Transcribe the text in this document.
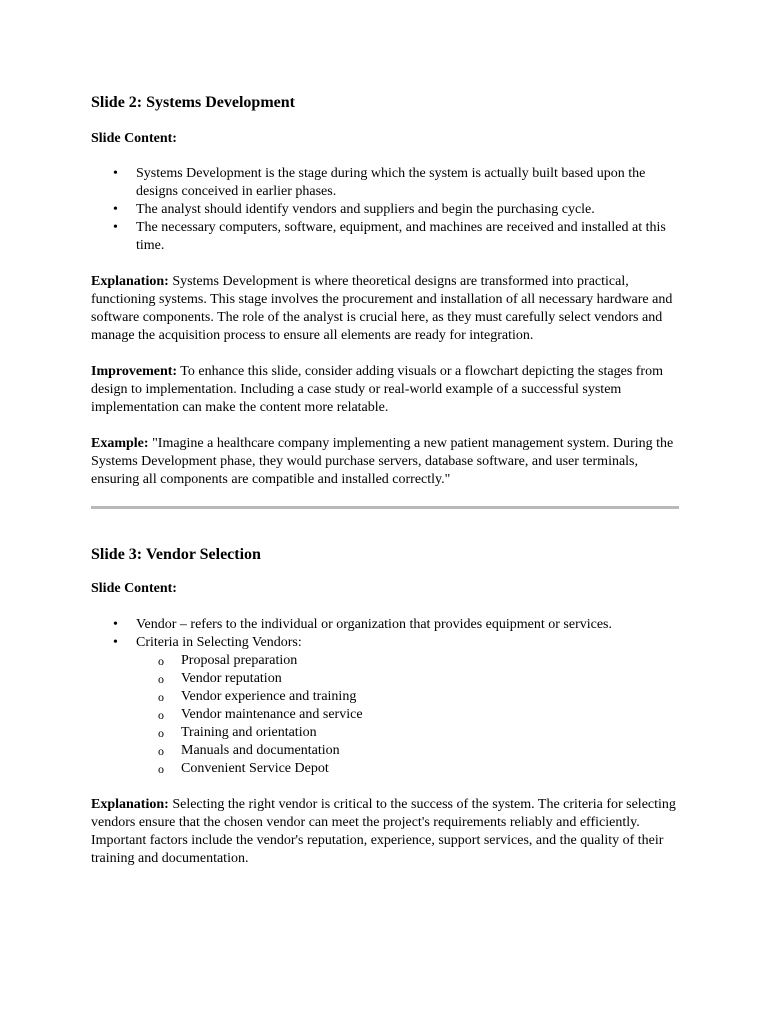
Slide 2: Systems Development

Slide Content:

• Systems Development is the stage during which the system is actually built based upon the designs conceived in earlier phases.
• The analyst should identify vendors and suppliers and begin the purchasing cycle.
• The necessary computers, software, equipment, and machines are received and installed at this time.

Explanation: Systems Development is where theoretical designs are transformed into practical, functioning systems. This stage involves the procurement and installation of all necessary hardware and software components. The role of the analyst is crucial here, as they must carefully select vendors and manage the acquisition process to ensure all elements are ready for integration.

Improvement: To enhance this slide, consider adding visuals or a flowchart depicting the stages from design to implementation. Including a case study or real-world example of a successful system implementation can make the content more relatable.

Example: "Imagine a healthcare company implementing a new patient management system. During the Systems Development phase, they would purchase servers, database software, and user terminals, ensuring all components are compatible and installed correctly."

Slide 3: Vendor Selection

Slide Content:

• Vendor – refers to the individual or organization that provides equipment or services.
• Criteria in Selecting Vendors:
o Proposal preparation
o Vendor reputation
o Vendor experience and training
o Vendor maintenance and service
o Training and orientation
o Manuals and documentation
o Convenient Service Depot

Explanation: Selecting the right vendor is critical to the success of the system. The criteria for selecting vendors ensure that the chosen vendor can meet the project's requirements reliably and efficiently. Important factors include the vendor's reputation, experience, support services, and the quality of their training and documentation.
